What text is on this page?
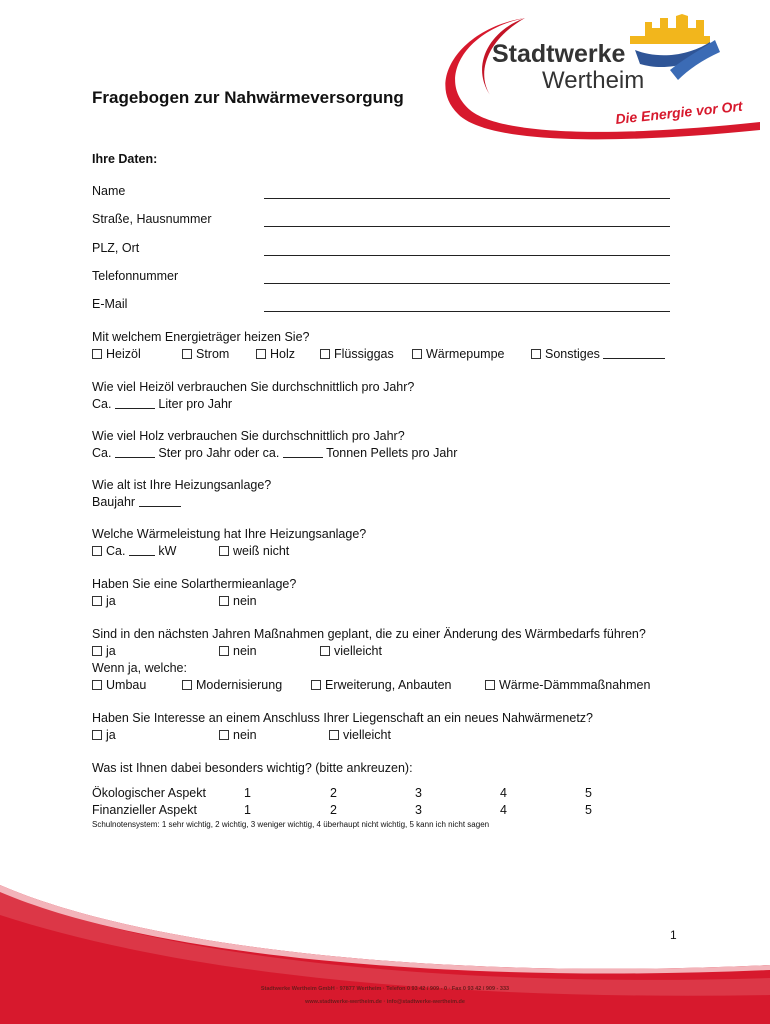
Stadtwerke
Wertheim
Die Energie vor Ort
Fragebogen zur Nahwärmeversorgung
Ihre Daten:
Name
Straße, Hausnummer
PLZ, Ort
Telefonnummer
E-Mail
Mit welchem Energieträger heizen Sie?
Heizöl	Strom	Holz	Flüssiggas	Wärmepumpe	Sonstiges
Wie viel Heizöl verbrauchen Sie durchschnittlich pro Jahr?
Ca.	Liter pro Jahr
Wie viel Holz verbrauchen Sie durchschnittlich pro Jahr?
Ca.	Ster pro Jahr oder ca.	Tonnen Pellets pro Jahr
Wie alt ist Ihre Heizungsanlage?
Baujahr
Welche Wärmeleistung hat Ihre Heizungsanlage?
Ca.	kW	weiß nicht
Haben Sie eine Solarthermieanlage?
ja	nein
Sind in den nächsten Jahren Maßnahmen geplant, die zu einer Änderung des Wärmbedarfs führen?
ja	nein	vielleicht
Wenn ja, welche:
Umbau	Modernisierung	Erweiterung, Anbauten	Wärme-Dämmmaßnahmen
Haben Sie Interesse an einem Anschluss Ihrer Liegenschaft an ein neues Nahwärmenetz?
ja	nein	vielleicht
Was ist Ihnen dabei besonders wichtig? (bitte ankreuzen):
Ökologischer Aspekt	1	2	3	4	5
Finanzieller Aspekt	1	2	3	4	5
Schulnotensystem: 1 sehr wichtig, 2 wichtig, 3 weniger wichtig, 4 überhaupt nicht wichtig, 5 kann ich nicht sagen
1
Stadtwerke Wertheim GmbH · 97877 Wertheim · Telefon 0 93 42 / 909 - 0 · Fax 0 93 42 / 909 - 333
www.stadtwerke-wertheim.de · info@stadtwerke-wertheim.de
